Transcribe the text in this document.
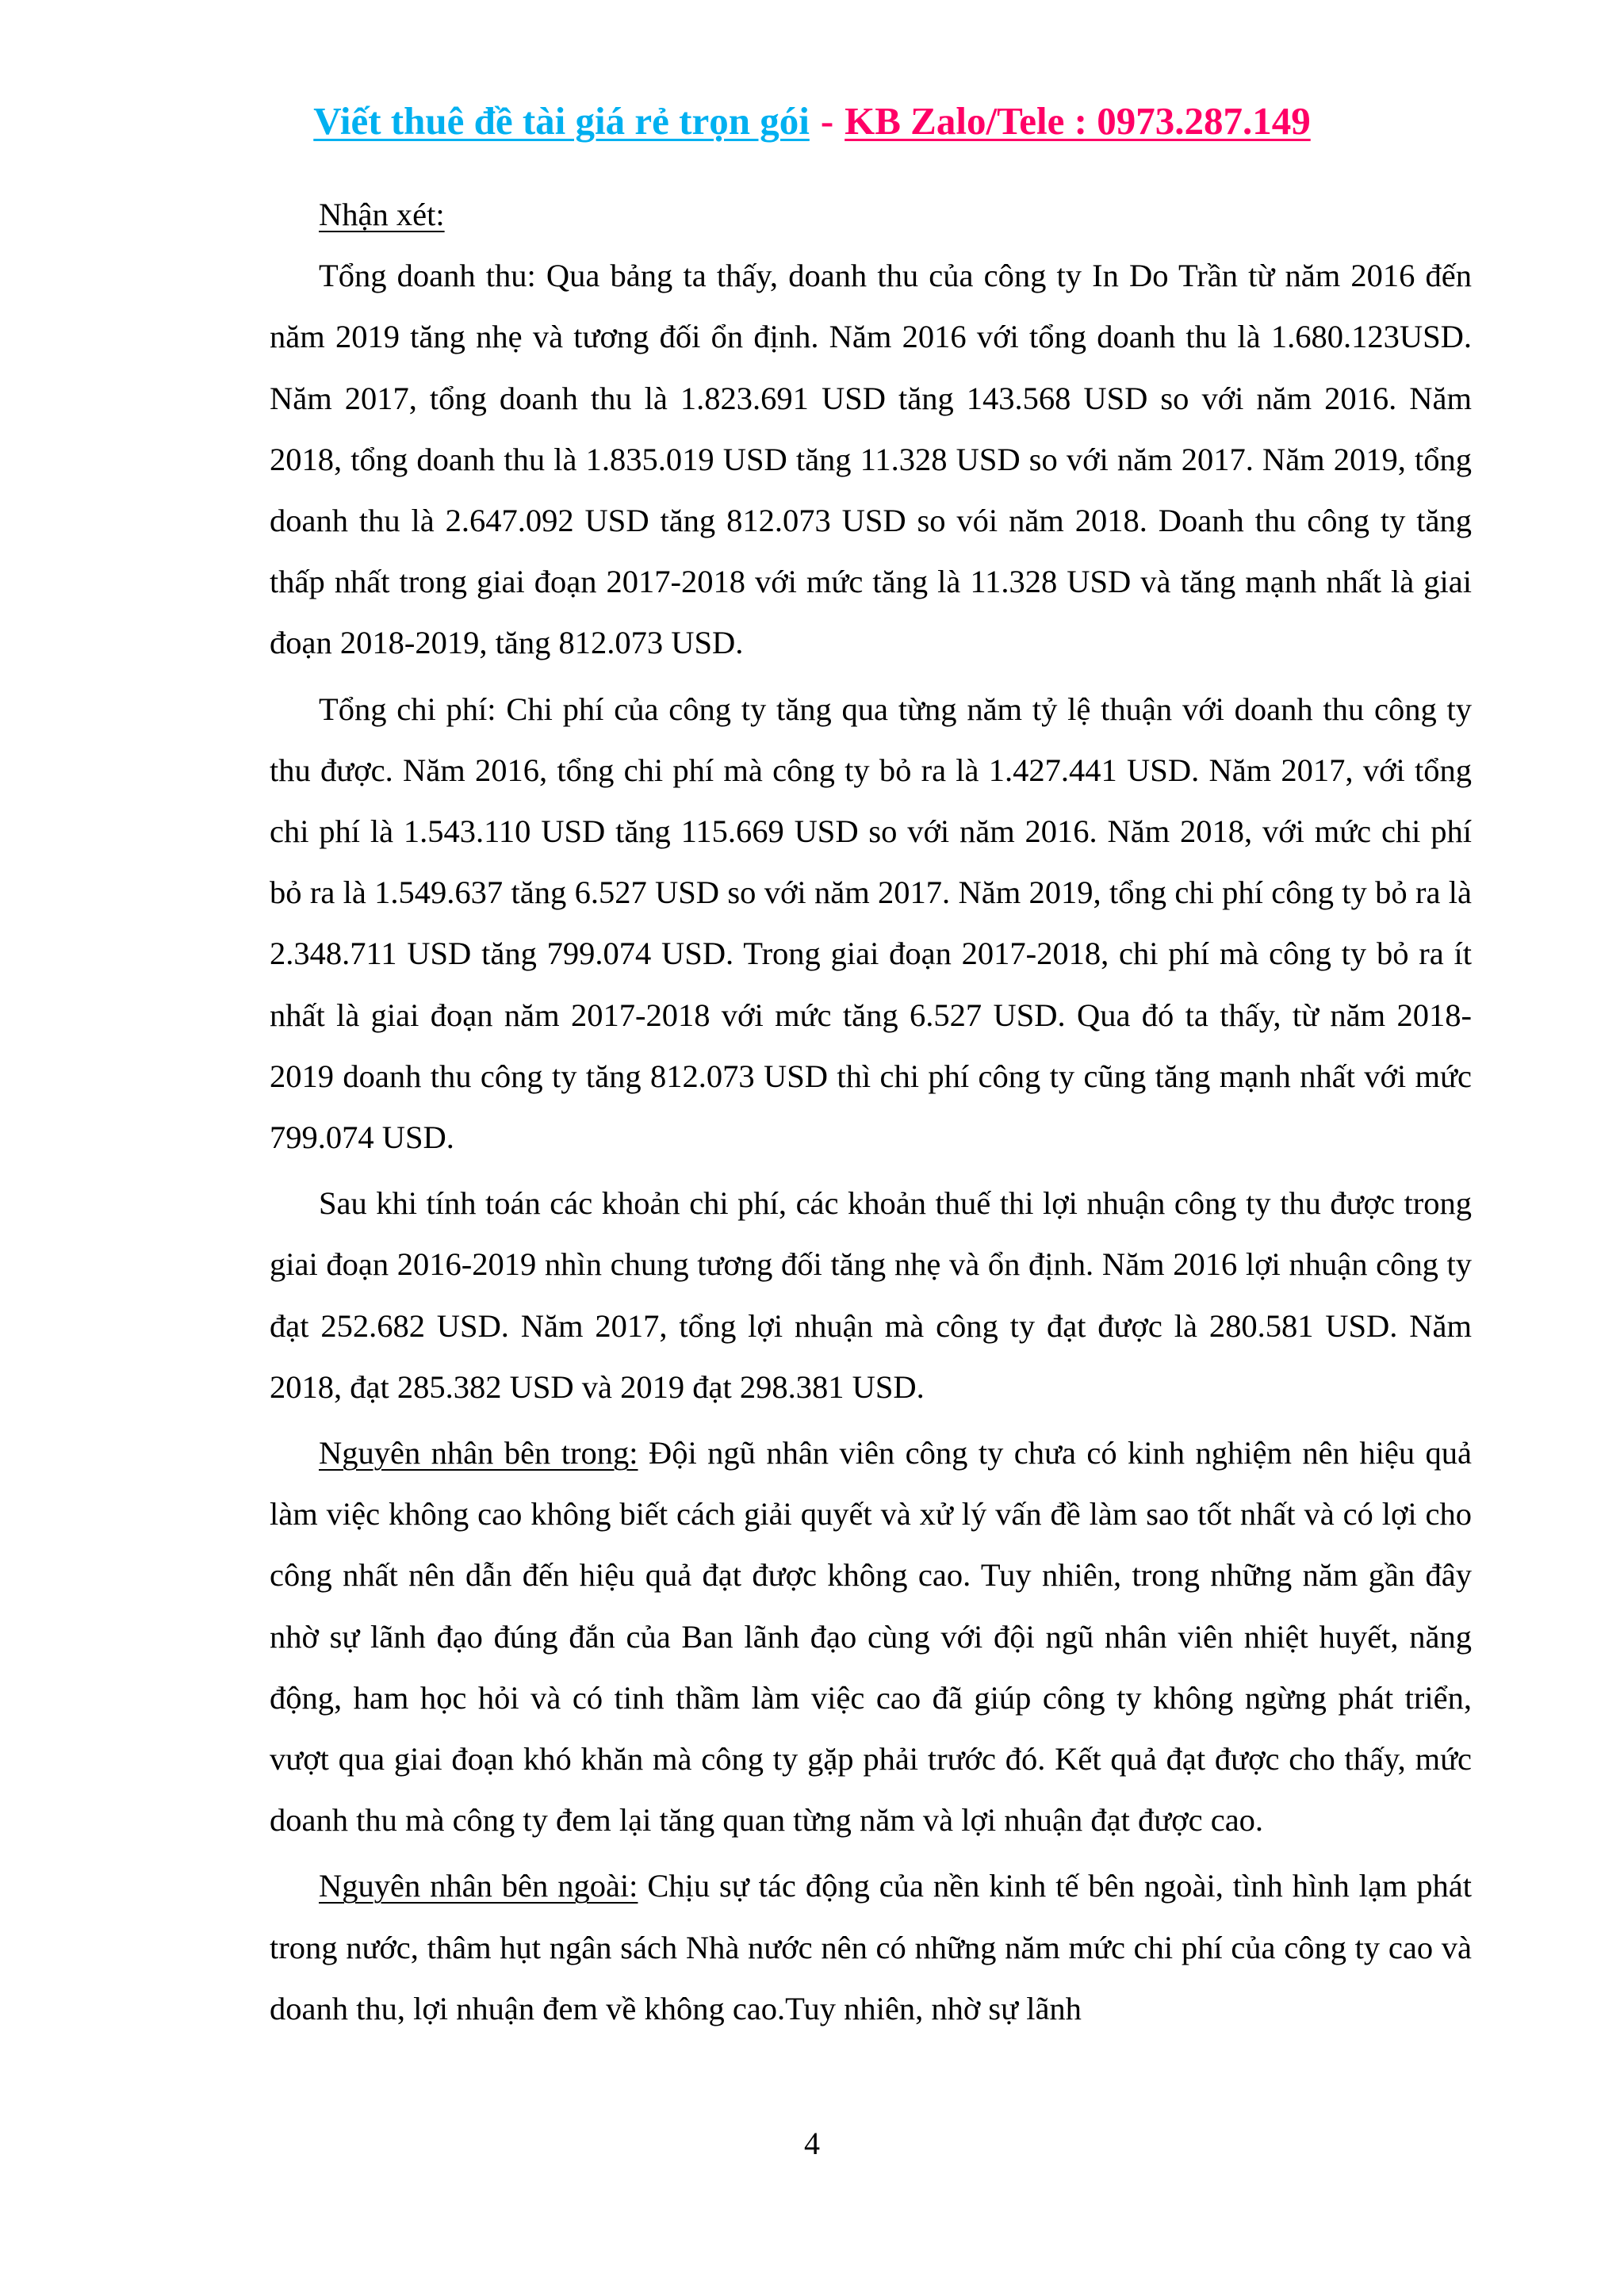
Viết thuê đề tài giá rẻ trọn gói - KB Zalo/Tele : 0973.287.149

Nhận xét:

Tổng doanh thu: Qua bảng ta thấy, doanh thu của công ty In Do Trần từ năm 2016 đến năm 2019 tăng nhẹ và tương đối ổn định. Năm 2016 với tổng doanh thu là 1.680.123USD. Năm 2017, tổng doanh thu là 1.823.691 USD tăng 143.568 USD so với năm 2016. Năm 2018, tổng doanh thu là 1.835.019 USD tăng 11.328 USD so với năm 2017. Năm 2019, tổng doanh thu là 2.647.092 USD tăng 812.073 USD so vói năm 2018. Doanh thu công ty tăng thấp nhất trong giai đoạn 2017-2018 với mức tăng là 11.328 USD và tăng mạnh nhất là giai đoạn 2018-2019, tăng 812.073 USD.

Tổng chi phí: Chi phí của công ty tăng qua từng năm tỷ lệ thuận với doanh thu công ty thu được. Năm 2016, tổng chi phí mà công ty bỏ ra là 1.427.441 USD. Năm 2017, với tổng chi phí là 1.543.110 USD tăng 115.669 USD so với năm 2016. Năm 2018, với mức chi phí bỏ ra là 1.549.637 tăng 6.527 USD so với năm 2017. Năm 2019, tổng chi phí công ty bỏ ra là 2.348.711 USD tăng 799.074 USD. Trong giai đoạn 2017-2018, chi phí mà công ty bỏ ra ít nhất là giai đoạn năm 2017-2018 với mức tăng 6.527 USD. Qua đó ta thấy, từ năm 2018-2019 doanh thu công ty tăng 812.073 USD thì chi phí công ty cũng tăng mạnh nhất với mức 799.074 USD.

Sau khi tính toán các khoản chi phí, các khoản thuế thi lợi nhuận công ty thu được trong giai đoạn 2016-2019 nhìn chung tương đối tăng nhẹ và ổn định. Năm 2016 lợi nhuận công ty đạt 252.682 USD. Năm 2017, tổng lợi nhuận mà công ty đạt được là 280.581 USD. Năm 2018, đạt 285.382 USD và 2019 đạt 298.381 USD.

Nguyên nhân bên trong: Đội ngũ nhân viên công ty chưa có kinh nghiệm nên hiệu quả làm việc không cao không biết cách giải quyết và xử lý vấn đề làm sao tốt nhất và có lợi cho công nhất nên dẫn đến hiệu quả đạt được không cao. Tuy nhiên, trong những năm gần đây nhờ sự lãnh đạo đúng đắn của Ban lãnh đạo cùng với đội ngũ nhân viên nhiệt huyết, năng động, ham học hỏi và có tinh thầm làm việc cao đã giúp công ty không ngừng phát triển, vượt qua giai đoạn khó khăn mà công ty gặp phải trước đó. Kết quả đạt được cho thấy, mức doanh thu mà công ty đem lại tăng quan từng năm và lợi nhuận đạt được cao.

Nguyên nhân bên ngoài: Chịu sự tác động của nền kinh tế bên ngoài, tình hình lạm phát trong nước, thâm hụt ngân sách Nhà nước nên có những năm mức chi phí của công ty cao và doanh thu, lợi nhuận đem về không cao.Tuy nhiên, nhờ sự lãnh

4
